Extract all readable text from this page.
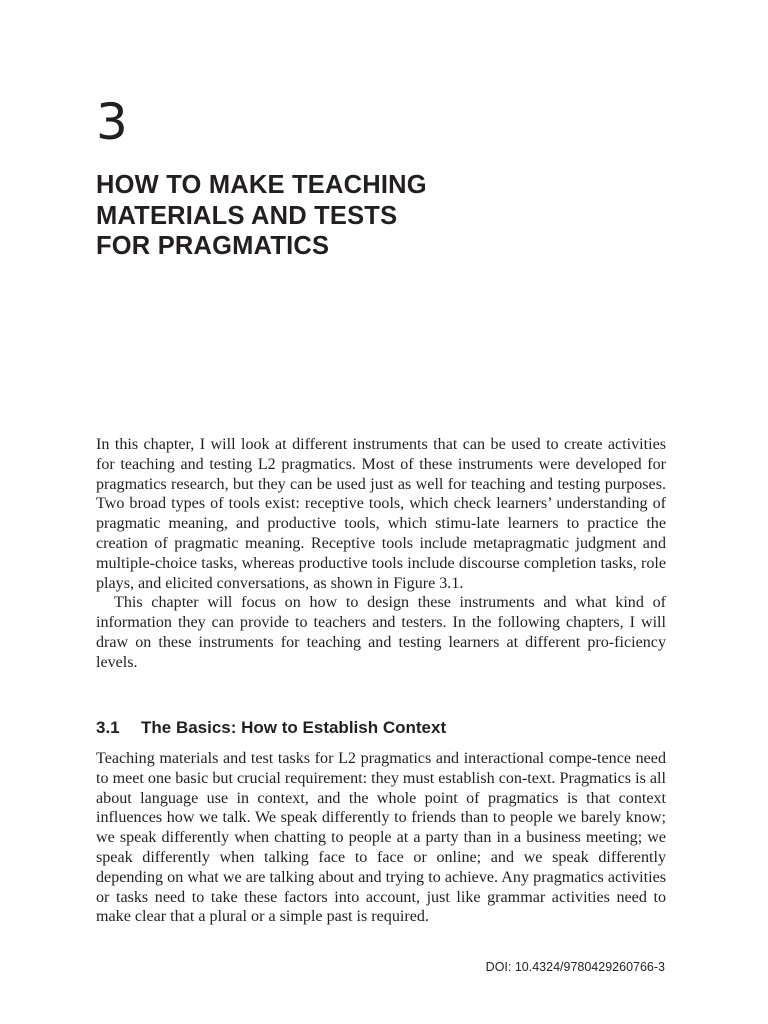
3
HOW TO MAKE TEACHING
MATERIALS AND TESTS
FOR PRAGMATICS

In this chapter, I will look at different instruments that can be used to create activities for teaching and testing L2 pragmatics. Most of these instruments were developed for pragmatics research, but they can be used just as well for teaching and testing purposes. Two broad types of tools exist: receptive tools, which check learners’ understanding of pragmatic meaning, and productive tools, which stimu-late learners to practice the creation of pragmatic meaning. Receptive tools include metapragmatic judgment and multiple-choice tasks, whereas productive tools include discourse completion tasks, role plays, and elicited conversations, as shown in Figure 3.1.

This chapter will focus on how to design these instruments and what kind of information they can provide to teachers and testers. In the following chapters, I will draw on these instruments for teaching and testing learners at different pro-ficiency levels.

3.1 The Basics: How to Establish Context

Teaching materials and test tasks for L2 pragmatics and interactional compe-tence need to meet one basic but crucial requirement: they must establish con-text. Pragmatics is all about language use in context, and the whole point of pragmatics is that context influences how we talk. We speak differently to friends than to people we barely know; we speak differently when chatting to people at a party than in a business meeting; we speak differently when talking face to face or online; and we speak differently depending on what we are talking about and trying to achieve. Any pragmatics activities or tasks need to take these factors into account, just like grammar activities need to make clear that a plural or a simple past is required.

DOI: 10.4324/9780429260766-3
